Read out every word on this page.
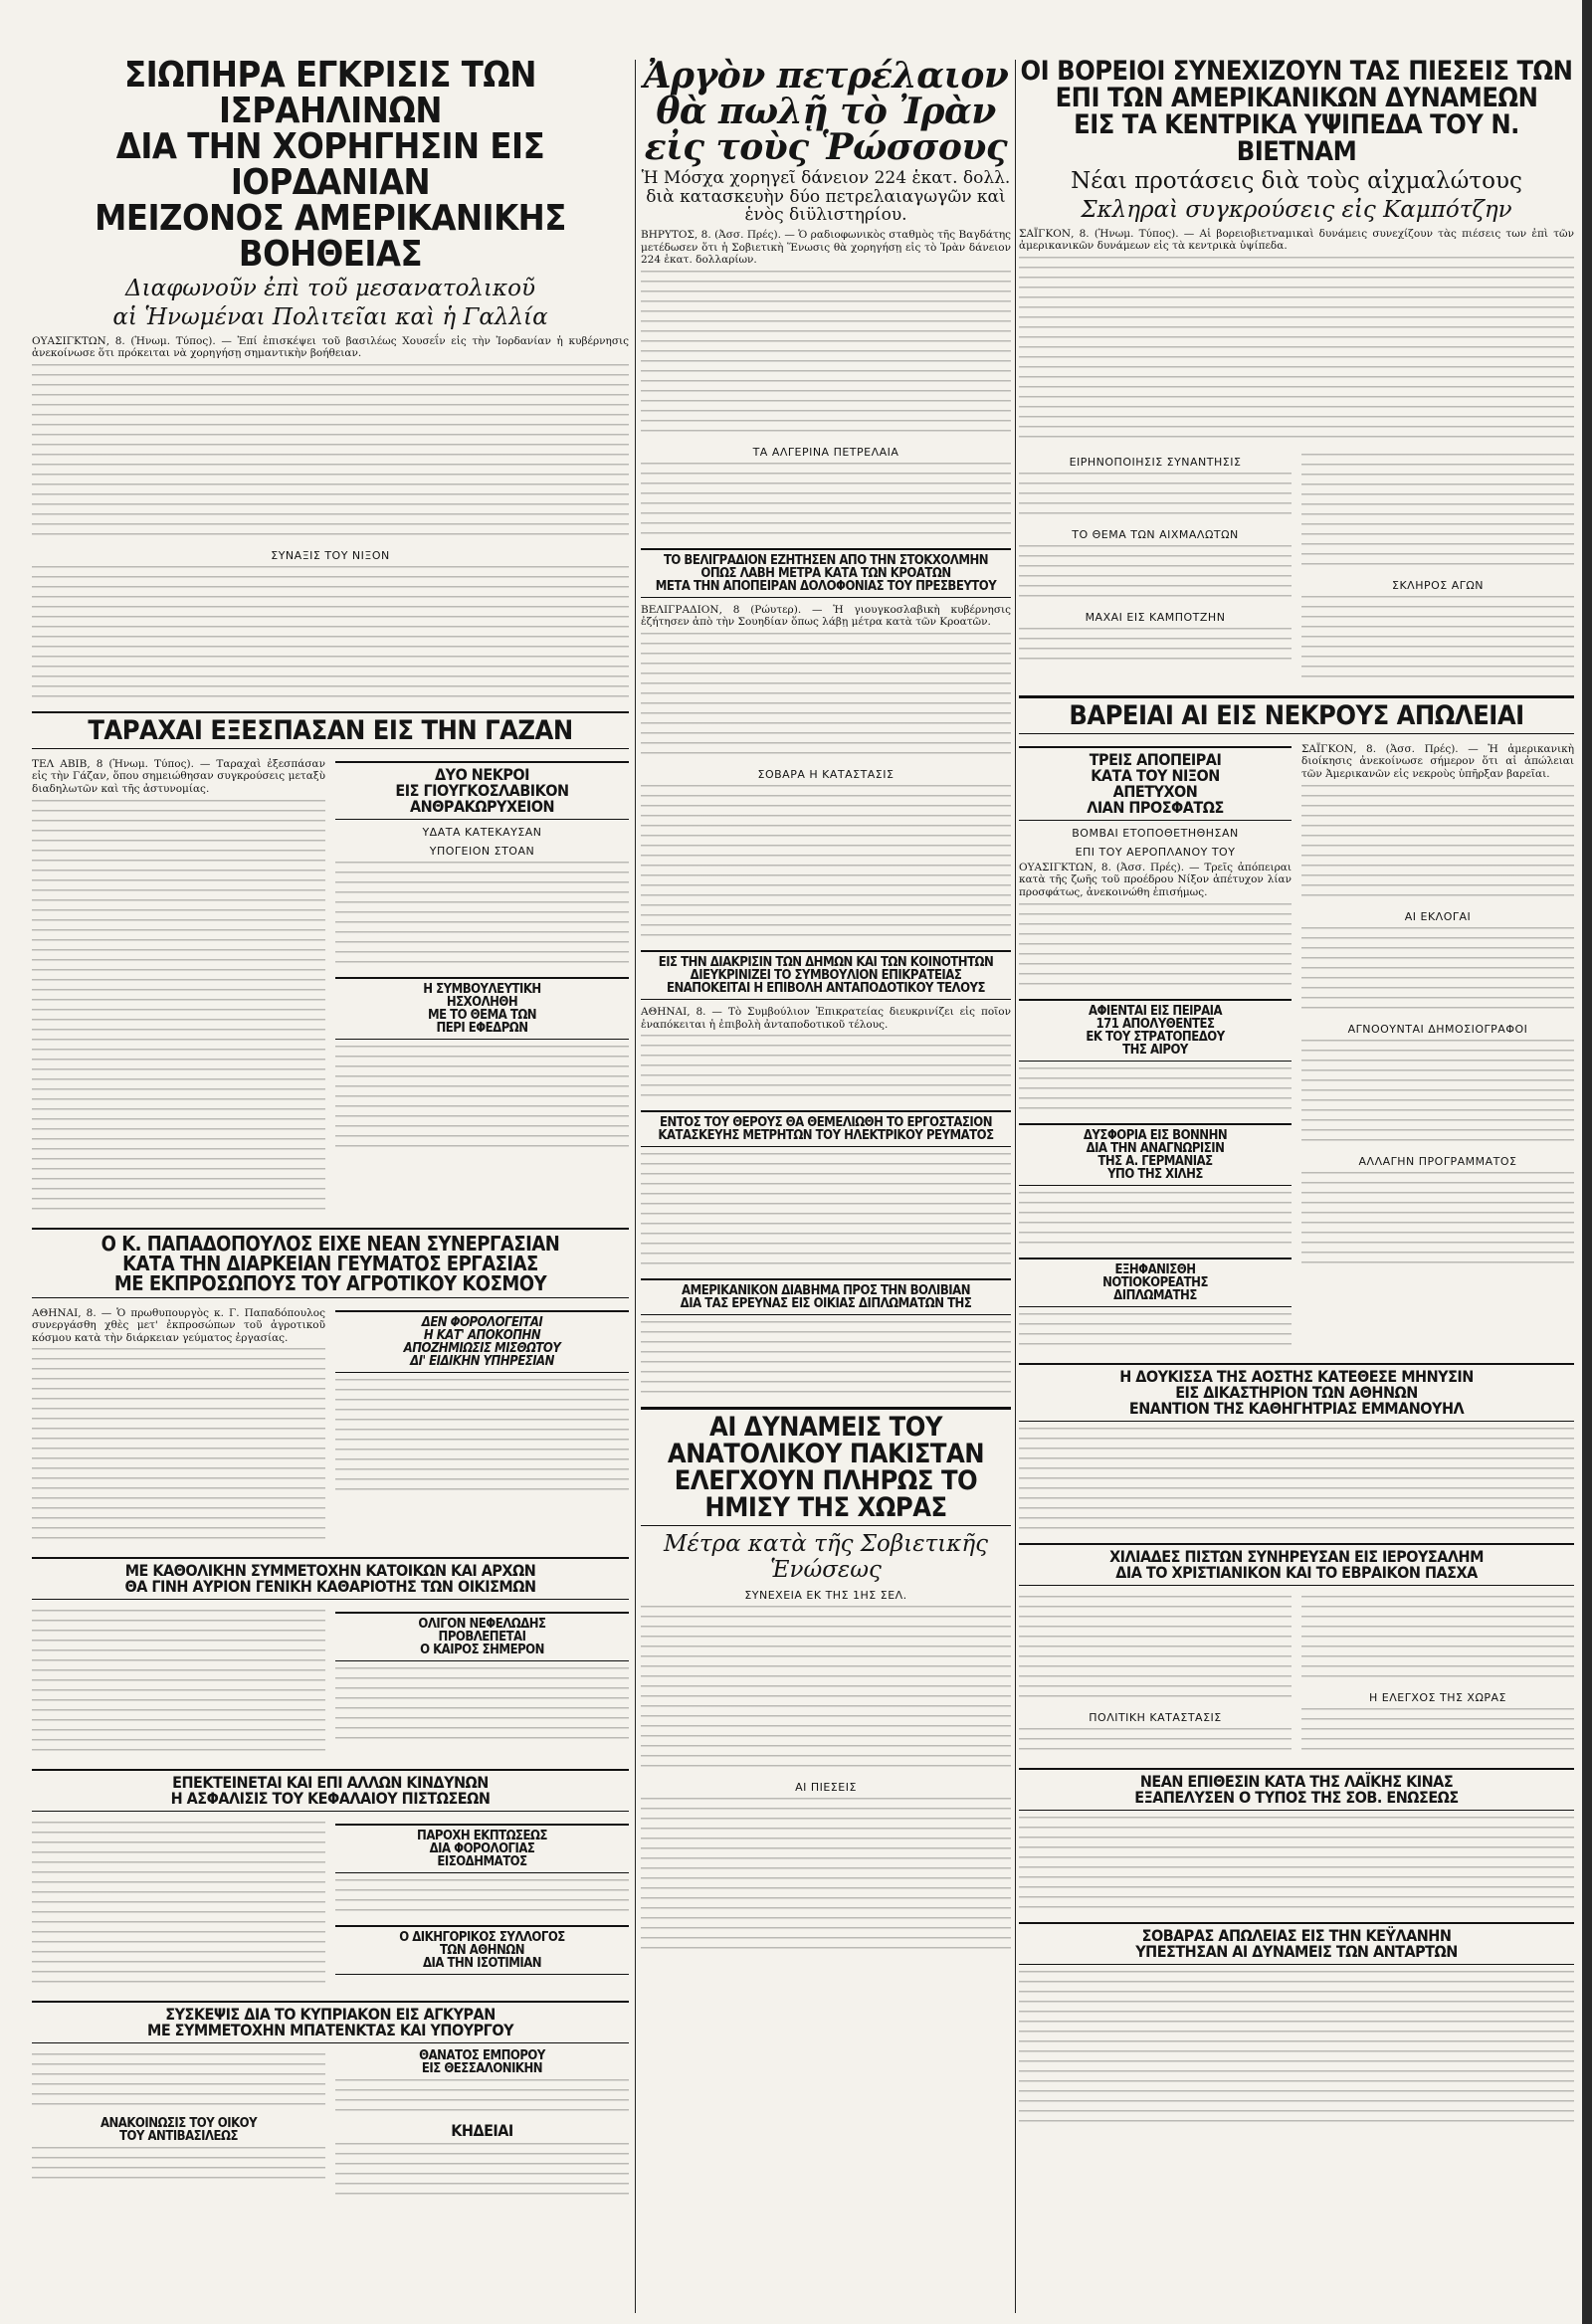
ΣΙΩΠΗΡΑ ΕΓΚΡΙΣΙΣ ΤΩΝ ΙΣΡΑΗΛΙΝΩΝ

ΔΙΑ ΤΗΝ ΧΟΡΗΓΗΣΙΝ ΕΙΣ ΙΟΡΔΑΝΙΑΝ

ΜΕΙΖΟΝΟΣ ΑΜΕΡΙΚΑΝΙΚΗΣ ΒΟΗΘΕΙΑΣ

Διαφωνοῦν ἐπὶ τοῦ μεσανατολικοῦ

αἱ Ἡνωμέναι Πολιτεῖαι καὶ ἡ Γαλλία

ΟΥΑΣΙΓΚΤΩΝ, 8. (Ἡνωμ. Τύπος). — Ἐπί ἐπισκέψει τοῦ βασιλέως Χουσεΐν εἰς τὴν Ἰορδανίαν ἡ κυβέρνησις ἀνεκοίνωσε ὅτι πρόκειται νὰ χορηγήσῃ σημαντικὴν βοήθειαν.

ΣΥΝΑΞΙΣ ΤΟΥ ΝΙΞΟΝ

ΤΑΡΑΧΑΙ ΕΞΕΣΠΑΣΑΝ ΕΙΣ ΤΗΝ ΓΑΖΑΝ

ΤΕΛ ΑΒΙΒ, 8 (Ἡνωμ. Τύπος). — Ταραχαὶ ἐξεσπάσαν εἰς τὴν Γάζαν, ὅπου σημειώθησαν συγκρούσεις μεταξὺ διαδηλωτῶν καὶ τῆς ἀστυνομίας.

ΔΥΟ ΝΕΚΡΟΙ

ΕΙΣ ΓΙΟΥΓΚΟΣΛΑΒΙΚΟΝ

ΑΝΘΡΑΚΩΡΥΧΕΙΟΝ

ΥΔΑΤΑ ΚΑΤΕΚΑΥΣΑΝ

ΥΠΟΓΕΙΟΝ ΣΤΟΑΝ

Η ΣΥΜΒΟΥΛΕΥΤΙΚΗ

ΗΣΧΟΛΗΘΗ

ΜΕ ΤΟ ΘΕΜΑ ΤΩΝ

ΠΕΡΙ ΕΦΕΔΡΩΝ

Ο Κ. ΠΑΠΑΔΟΠΟΥΛΟΣ ΕΙΧΕ ΝΕΑΝ ΣΥΝΕΡΓΑΣΙΑΝ

ΚΑΤΑ ΤΗΝ ΔΙΑΡΚΕΙΑΝ ΓΕΥΜΑΤΟΣ ΕΡΓΑΣΙΑΣ

ΜΕ ΕΚΠΡΟΣΩΠΟΥΣ ΤΟΥ ΑΓΡΟΤΙΚΟΥ ΚΟΣΜΟΥ

ΑΘΗΝΑΙ, 8. — Ὁ πρωθυπουργὸς κ. Γ. Παπαδόπουλος συνεργάσθη χθὲς μετ' ἐκπροσώπων τοῦ ἀγροτικοῦ κόσμου κατὰ τὴν διάρκειαν γεύματος ἐργασίας.

ΔΕΝ ΦΟΡΟΛΟΓΕΙΤΑΙ

Η ΚΑΤ' ΑΠΟΚΟΠΗΝ

ΑΠΟΖΗΜΙΩΣΙΣ ΜΙΣΘΩΤΟΥ

ΔΙ' ΕΙΔΙΚΗΝ ΥΠΗΡΕΣΙΑΝ

ΜΕ ΚΑΘΟΛΙΚΗΝ ΣΥΜΜΕΤΟΧΗΝ ΚΑΤΟΙΚΩΝ ΚΑΙ ΑΡΧΩΝ

ΘΑ ΓΙΝΗ ΑΥΡΙΟΝ ΓΕΝΙΚΗ ΚΑΘΑΡΙΟΤΗΣ ΤΩΝ ΟΙΚΙΣΜΩΝ

ΟΛΙΓΟΝ ΝΕΦΕΛΩΔΗΣ

ΠΡΟΒΛΕΠΕΤΑΙ

Ο ΚΑΙΡΟΣ ΣΗΜΕΡΟΝ

ΕΠΕΚΤΕΙΝΕΤΑΙ ΚΑΙ ΕΠΙ ΑΛΛΩΝ ΚΙΝΔΥΝΩΝ

Η ΑΣΦΑΛΙΣΙΣ ΤΟΥ ΚΕΦΑΛΑΙΟΥ ΠΙΣΤΩΣΕΩΝ

ΠΑΡΟΧΗ ΕΚΠΤΩΣΕΩΣ

ΔΙΑ ΦΟΡΟΛΟΓΙΑΣ

ΕΙΣΟΔΗΜΑΤΟΣ

Ο ΔΙΚΗΓΟΡΙΚΟΣ ΣΥΛΛΟΓΟΣ

ΤΩΝ ΑΘΗΝΩΝ

ΔΙΑ ΤΗΝ ΙΣΟΤΙΜΙΑΝ

ΣΥΣΚΕΨΙΣ ΔΙΑ ΤΟ ΚΥΠΡΙΑΚΟΝ ΕΙΣ ΑΓΚΥΡΑΝ

ΜΕ ΣΥΜΜΕΤΟΧΗΝ ΜΠΑΤΕΝΚΤΑΣ ΚΑΙ ΥΠΟΥΡΓΟΥ

ΑΝΑΚΟΙΝΩΣΙΣ ΤΟΥ ΟΙΚΟΥ

ΤΟΥ ΑΝΤΙΒΑΣΙΛΕΩΣ

ΘΑΝΑΤΟΣ ΕΜΠΟΡΟΥ

ΕΙΣ ΘΕΣΣΑΛΟΝΙΚΗΝ

ΚΗΔΕΙΑΙ

Ἀργὸν πετρέλαιον

θὰ πωλῇ τὸ Ἰρὰν

εἰς τοὺς Ῥώσσους

Ἡ Μόσχα χορηγεῖ δάνειον 224 ἑκατ. δολλ. διὰ κατασκευὴν δύο πετρελαιαγωγῶν καὶ ἑνὸς διϋλιστηρίου.

ΒΗΡΥΤΟΣ, 8. (Ἀσσ. Πρές). — Ὁ ραδιοφωνικὸς σταθμὸς τῆς Βαγδάτης μετέδωσεν ὅτι ἡ Σοβιετικὴ Ἕνωσις θὰ χορηγήσῃ εἰς τὸ Ἰρὰν δάνειον 224 ἑκατ. δολλαρίων.

ΤΑ ΑΛΓΕΡΙΝΑ ΠΕΤΡΕΛΑΙΑ

ΤΟ ΒΕΛΙΓΡΑΔΙΟΝ ΕΖΗΤΗΣΕΝ ΑΠΟ ΤΗΝ ΣΤΟΚΧΟΛΜΗΝ

ΟΠΩΣ ΛΑΒΗ ΜΕΤΡΑ ΚΑΤΑ ΤΩΝ ΚΡΟΑΤΩΝ

ΜΕΤΑ ΤΗΝ ΑΠΟΠΕΙΡΑΝ ΔΟΛΟΦΟΝΙΑΣ ΤΟΥ ΠΡΕΣΒΕΥΤΟΥ

ΒΕΛΙΓΡΑΔΙΟΝ, 8 (Ρώυτερ). — Ἡ γιουγκοσλαβικὴ κυβέρνησις ἐζήτησεν ἀπὸ τὴν Σουηδίαν ὅπως λάβῃ μέτρα κατὰ τῶν Κροατῶν.

ΣΟΒΑΡΑ Η ΚΑΤΑΣΤΑΣΙΣ

ΕΙΣ ΤΗΝ ΔΙΑΚΡΙΣΙΝ ΤΩΝ ΔΗΜΩΝ ΚΑΙ ΤΩΝ ΚΟΙΝΟΤΗΤΩΝ

ΔΙΕΥΚΡΙΝΙΖΕΙ ΤΟ ΣΥΜΒΟΥΛΙΟΝ ΕΠΙΚΡΑΤΕΙΑΣ

ΕΝΑΠΟΚΕΙΤΑΙ Η ΕΠΙΒΟΛΗ ΑΝΤΑΠΟΔΟΤΙΚΟΥ ΤΕΛΟΥΣ

ΑΘΗΝΑΙ, 8. — Τὸ Συμβούλιον Ἐπικρατείας διευκρινίζει εἰς ποῖον ἐναπόκειται ἡ ἐπιβολὴ ἀνταποδοτικοῦ τέλους.

ΕΝΤΟΣ ΤΟΥ ΘΕΡΟΥΣ ΘΑ ΘΕΜΕΛΙΩΘΗ ΤΟ ΕΡΓΟΣΤΑΣΙΟΝ

ΚΑΤΑΣΚΕΥΗΣ ΜΕΤΡΗΤΩΝ ΤΟΥ ΗΛΕΚΤΡΙΚΟΥ ΡΕΥΜΑΤΟΣ

ΑΜΕΡΙΚΑΝΙΚΟΝ ΔΙΑΒΗΜΑ ΠΡΟΣ ΤΗΝ ΒΟΛΙΒΙΑΝ

ΔΙΑ ΤΑΣ ΕΡΕΥΝΑΣ ΕΙΣ ΟΙΚΙΑΣ ΔΙΠΛΩΜΑΤΩΝ ΤΗΣ

ΑΙ ΔΥΝΑΜΕΙΣ ΤΟΥ ΑΝΑΤΟΛΙΚΟΥ ΠΑΚΙΣΤΑΝ

ΕΛΕΓΧΟΥΝ ΠΛΗΡΩΣ ΤΟ ΗΜΙΣΥ ΤΗΣ ΧΩΡΑΣ

Μέτρα κατὰ τῆς Σοβιετικῆς Ἑνώσεως

ΣΥΝΕΧΕΙΑ ΕΚ ΤΗΣ 1ΗΣ ΣΕΛ.

ΑΙ ΠΙΕΣΕΙΣ

ΟΙ ΒΟΡΕΙΟΙ ΣΥΝΕΧΙΖΟΥΝ ΤΑΣ ΠΙΕΣΕΙΣ ΤΩΝ

ΕΠΙ ΤΩΝ ΑΜΕΡΙΚΑΝΙΚΩΝ ΔΥΝΑΜΕΩΝ

ΕΙΣ ΤΑ ΚΕΝΤΡΙΚΑ ΥΨΙΠΕΔΑ ΤΟΥ Ν. ΒΙΕΤΝΑΜ

Νέαι προτάσεις διὰ τοὺς αἰχμαλώτους

Σκληραὶ συγκρούσεις εἰς Καμπότζην

ΣΑΪΓΚΟΝ, 8. (Ἡνωμ. Τύπος). — Αἱ βορειοβιετναμικαὶ δυνάμεις συνεχίζουν τὰς πιέσεις των ἐπὶ τῶν ἀμερικανικῶν δυνάμεων εἰς τὰ κεντρικὰ ὑψίπεδα.

ΕΙΡΗΝΟΠΟΙΗΣΙΣ ΣΥΝΑΝΤΗΣΙΣ

ΤΟ ΘΕΜΑ ΤΩΝ ΑΙΧΜΑΛΩΤΩΝ

ΜΑΧΑΙ ΕΙΣ ΚΑΜΠΟΤΖΗΝ

ΣΚΛΗΡΟΣ ΑΓΩΝ

ΒΑΡΕΙΑΙ ΑΙ ΕΙΣ ΝΕΚΡΟΥΣ ΑΠΩΛΕΙΑΙ

ΤΡΕΙΣ ΑΠΟΠΕΙΡΑΙ

ΚΑΤΑ ΤΟΥ ΝΙΞΟΝ

ΑΠΕΤΥΧΟΝ

ΛΙΑΝ ΠΡΟΣΦΑΤΩΣ

ΒΟΜΒΑΙ ΕΤΟΠΟΘΕΤΗΘΗΣΑΝ

ΕΠΙ ΤΟΥ ΑΕΡΟΠΛΑΝΟΥ ΤΟΥ

ΟΥΑΣΙΓΚΤΩΝ, 8. (Ἀσσ. Πρές). — Τρεῖς ἀπόπειραι κατὰ τῆς ζωῆς τοῦ προέδρου Νίξον ἀπέτυχον λίαν προσφάτως, ἀνεκοινώθη ἐπισήμως.

ΑΦΙΕΝΤΑΙ ΕΙΣ ΠΕΙΡΑΙΑ

171 ΑΠΟΛΥΘΕΝΤΕΣ

ΕΚ ΤΟΥ ΣΤΡΑΤΟΠΕΔΟΥ

ΤΗΣ ΑΙΡΟΥ

ΔΥΣΦΟΡΙΑ ΕΙΣ ΒΟΝΝΗΝ

ΔΙΑ ΤΗΝ ΑΝΑΓΝΩΡΙΣΙΝ

ΤΗΣ Α. ΓΕΡΜΑΝΙΑΣ

ΥΠΟ ΤΗΣ ΧΙΛΗΣ

ΕΞΗΦΑΝΙΣΘΗ

ΝΟΤΙΟΚΟΡΕΑΤΗΣ

ΔΙΠΛΩΜΑΤΗΣ

ΣΑΪΓΚΟΝ, 8. (Ἀσσ. Πρές). — Ἡ ἀμερικανικὴ διοίκησις ἀνεκοίνωσε σήμερον ὅτι αἱ ἀπώλειαι τῶν Ἀμερικανῶν εἰς νεκροὺς ὑπῆρξαν βαρεῖαι.

ΑΙ ΕΚΛΟΓΑΙ

ΑΓΝΟΟΥΝΤΑΙ ΔΗΜΟΣΙΟΓΡΑΦΟΙ

ΑΛΛΑΓΗΝ ΠΡΟΓΡΑΜΜΑΤΟΣ

Η ΔΟΥΚΙΣΣΑ ΤΗΣ ΑΟΣΤΗΣ ΚΑΤΕΘΕΣΕ ΜΗΝΥΣΙΝ

ΕΙΣ ΔΙΚΑΣΤΗΡΙΟΝ ΤΩΝ ΑΘΗΝΩΝ

ΕΝΑΝΤΙΟΝ ΤΗΣ ΚΑΘΗΓΗΤΡΙΑΣ ΕΜΜΑΝΟΥΗΛ

ΧΙΛΙΑΔΕΣ ΠΙΣΤΩΝ ΣΥΝΗΡΕΥΣΑΝ ΕΙΣ ΙΕΡΟΥΣΑΛΗΜ

ΔΙΑ ΤΟ ΧΡΙΣΤΙΑΝΙΚΟΝ ΚΑΙ ΤΟ ΕΒΡΑΙΚΟΝ ΠΑΣΧΑ

ΠΟΛΙΤΙΚΗ ΚΑΤΑΣΤΑΣΙΣ

Η ΕΛΕΓΧΟΣ ΤΗΣ ΧΩΡΑΣ

ΝΕΑΝ ΕΠΙΘΕΣΙΝ ΚΑΤΑ ΤΗΣ ΛΑΪΚΗΣ ΚΙΝΑΣ

ΕΞΑΠΕΛΥΣΕΝ Ο ΤΥΠΟΣ ΤΗΣ ΣΟΒ. ΕΝΩΣΕΩΣ

ΣΟΒΑΡΑΣ ΑΠΩΛΕΙΑΣ ΕΙΣ ΤΗΝ ΚΕΫΛΑΝΗΝ

ΥΠΕΣΤΗΣΑΝ ΑΙ ΔΥΝΑΜΕΙΣ ΤΩΝ ΑΝΤΑΡΤΩΝ
